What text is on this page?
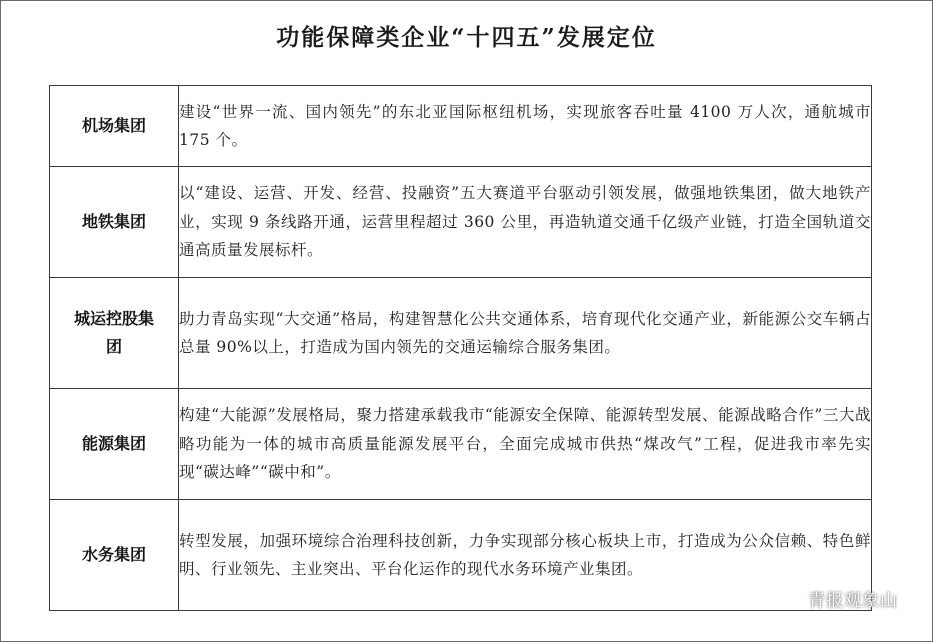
功能保障类企业“十四五”发展定位
机场集团	建设“世界一流、国内领先”的东北亚国际枢纽机场，实现旅客吞吐量 4100 万人次，通航城市 175 个。
地铁集团	以“建设、运营、开发、经营、投融资”五大赛道平台驱动引领发展，做强地铁集团，做大地铁产业，实现 9 条线路开通，运营里程超过 360 公里，再造轨道交通千亿级产业链，打造全国轨道交通高质量发展标杆。
城运控股集团	助力青岛实现“大交通”格局，构建智慧化公共交通体系，培育现代化交通产业，新能源公交车辆占总量 90%以上，打造成为国内领先的交通运输综合服务集团。
能源集团	构建“大能源”发展格局，聚力搭建承载我市“能源安全保障、能源转型发展、能源战略合作”三大战略功能为一体的城市高质量能源发展平台，全面完成城市供热“煤改气”工程，促进我市率先实现“碳达峰”“碳中和”。
水务集团	转型发展，加强环境综合治理科技创新，力争实现部分核心板块上市，打造成为公众信赖、特色鲜明、行业领先、主业突出、平台化运作的现代水务环境产业集团。
青报观象山
